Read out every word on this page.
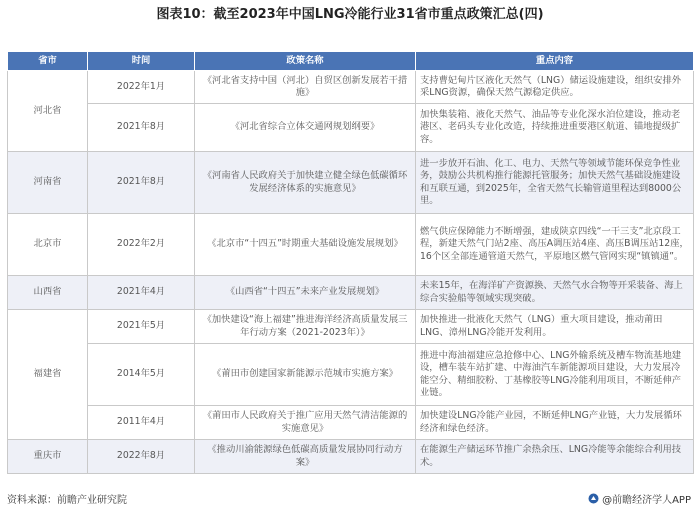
图表10：截至2023年中国LNG冷能行业31省市重点政策汇总(四)
省市	时间	政策名称	重点内容
河北省	2022年1月	《河北省支持中国（河北）自贸区创新发展若干措施》	支持曹妃甸片区液化天然气（LNG）储运设施建设，组织安排外采LNG资源，确保天然气源稳定供应。
	2021年8月	《河北省综合立体交通网规划纲要》	加快集装箱、液化天然气、油品等专业化深水泊位建设，推动老港区、老码头专业化改造，持续推进重要港区航道、锚地提级扩容。
河南省	2021年8月	《河南省人民政府关于加快建立健全绿色低碳循环发展经济体系的实施意见》	进一步放开石油、化工、电力、天然气等领域节能环保竞争性业务，鼓励公共机构推行能源托管服务；加快天然气基础设施建设和互联互通，到2025年，全省天然气长输管道里程达到8000公里。
北京市	2022年2月	《北京市“十四五”时期重大基础设施发展规划》	燃气供应保障能力不断增强，建成陕京四线“一干三支”北京段工程，新建天然气门站2座、高压A调压站4座、高压B调压站12座，16个区全部连通管道天然气，平原地区燃气管网实现“镇镇通”。
山西省	2021年4月	《山西省“十四五”未来产业发展规划》	未来15年，在海洋矿产资源换、天然气水合物等开采装备、海上综合实验船等领域实现突破。
福建省	2021年5月	《加快建设“海上福建”推进海洋经济高质量发展三年行动方案（2021-2023年）》	加快推进一批液化天然气（LNG）重大项目建设，推动莆田LNG、漳州LNG冷能开发利用。
	2014年5月	《莆田市创建国家新能源示范城市实施方案》	推进中海油福建应急抢修中心、LNG外输系统及槽车物流基地建设，槽车装车站扩建、中海油汽车新能源项目建设，大力发展冷能空分、精细胶粉、丁基橡胶等LNG冷能利用项目，不断延伸产业链。
	2011年4月	《莆田市人民政府关于推广应用天然气清洁能源的实施意见》	加快建设LNG冷能产业园，不断延伸LNG产业链，大力发展循环经济和绿色经济。
重庆市	2022年8月	《推动川渝能源绿色低碳高质量发展协同行动方案》	在能源生产储运环节推广余热余压、LNG冷能等余能综合利用技术。
资料来源：前瞻产业研究院	@前瞻经济学人APP
